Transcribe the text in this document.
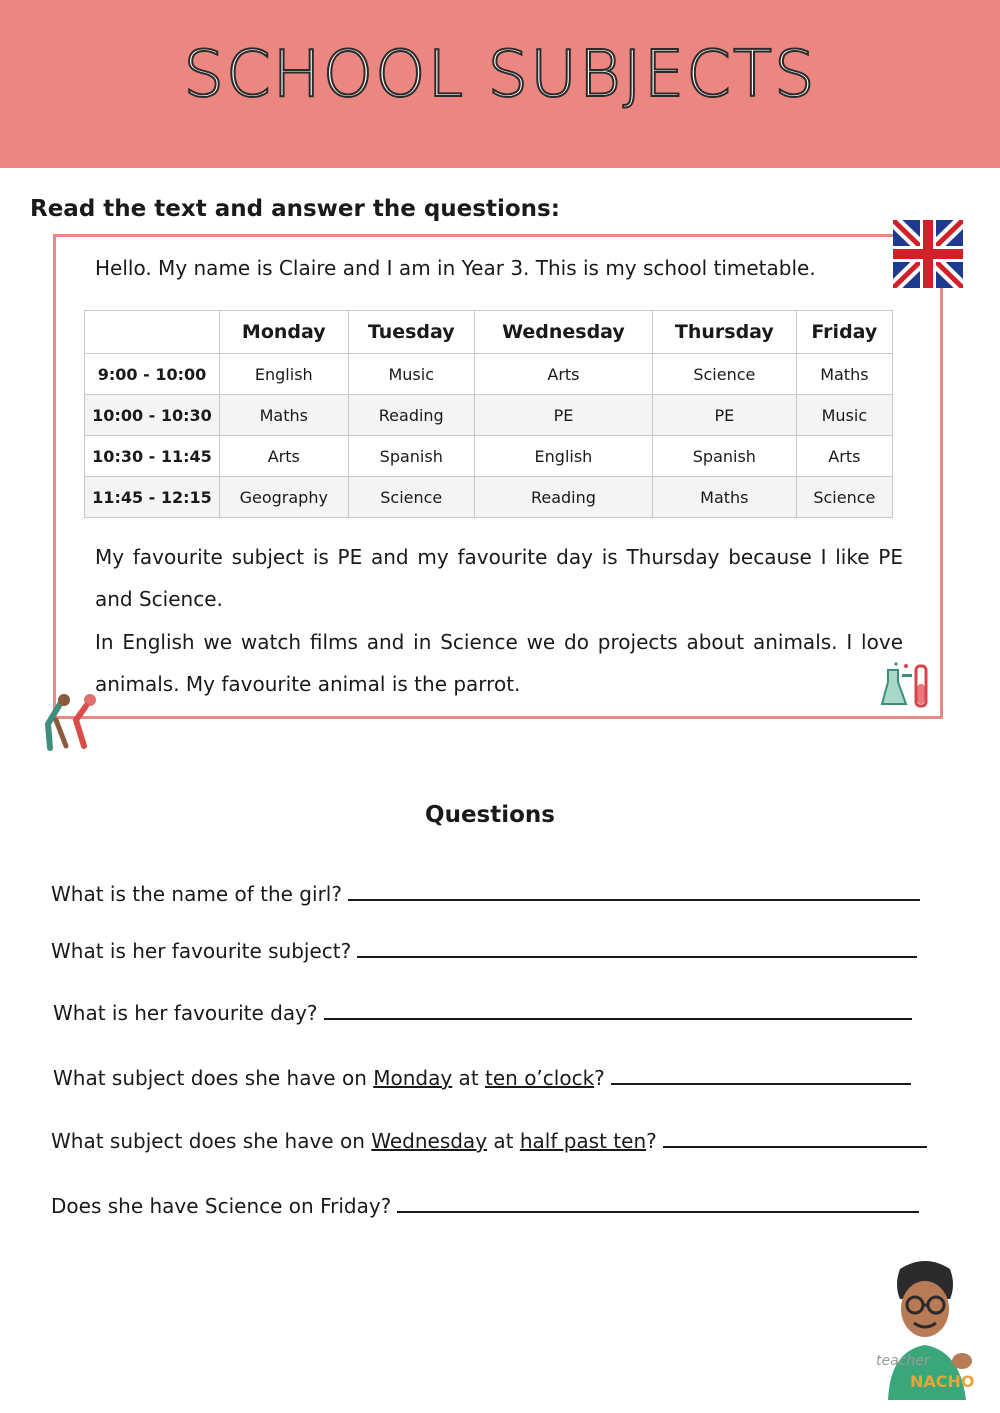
SCHOOL SUBJECTS
Read the text and answer the questions:
Hello. My name is Claire and I am in Year 3. This is my school timetable.
	Monday	Tuesday	Wednesday	Thursday	Friday
9:00 - 10:00	English	Music	Arts	Science	Maths
10:00 - 10:30	Maths	Reading	PE	PE	Music
10:30 - 11:45	Arts	Spanish	English	Spanish	Arts
11:45 - 12:15	Geography	Science	Reading	Maths	Science
My favourite subject is PE and my favourite day is Thursday because I like PE and Science.
In English we watch films and in Science we do projects about animals. I love animals. My favourite animal is the parrot.
Questions
What is the name of the girl?
What is her favourite subject?
What is her favourite day?
What subject does she have on Monday at ten o’clock ?
What subject does she have on Wednesday at half past ten ?
Does she have Science on Friday?
teacher
NACHO
